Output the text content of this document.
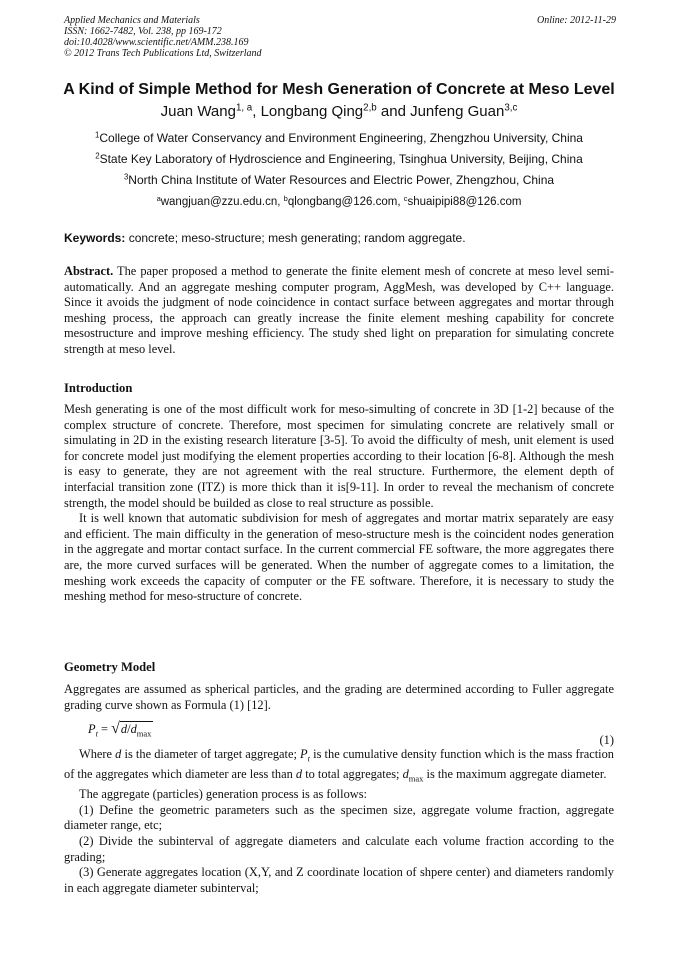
Applied Mechanics and Materials
ISSN: 1662-7482, Vol. 238, pp 169-172
doi:10.4028/www.scientific.net/AMM.238.169
© 2012 Trans Tech Publications Ltd, Switzerland
Online: 2012-11-29
A Kind of Simple Method for Mesh Generation of Concrete at Meso Level
Juan Wang$^{1, a}$, Longbang Qing$^{2,b}$ and Junfeng Guan$^{3,c}$
$^1$College of Water Conservancy and Environment Engineering, Zhengzhou University, China
$^2$State Key Laboratory of Hydroscience and Engineering, Tsinghua University, Beijing, China
$^3$North China Institute of Water Resources and Electric Power, Zhengzhou, China
$^a$wangjuan@zzu.edu.cn, $^b$qlongbang@126.com, $^c$shuaipipi88@126.com
Keywords: concrete; meso-structure; mesh generating; random aggregate.

Abstract. The paper proposed a method to generate the finite element mesh of concrete at meso level semi-automatically. And an aggregate meshing computer program, AggMesh, was developed by C++ language. Since it avoids the judgment of node coincidence in contact surface between aggregates and mortar through meshing process, the approach can greatly increase the finite element meshing capability for concrete mesostructure and improve meshing efficiency. The study shed light on preparation for simulating concrete strength at meso level.

Introduction

Mesh generating is one of the most difficult work for meso-simulting of concrete in 3D [1-2] because of the complex structure of concrete. Therefore, most specimen for simulating concrete are relatively small or simulating in 2D in the existing research literature [3-5]. To avoid the difficulty of mesh, unit element is used for concrete model just modifying the element properties according to their location [6-8]. Although the mesh is easy to generate, they are not agreement with the real structure. Furthermore, the element depth of interfacial transition zone (ITZ) is more thick than it is[9-11]. In order to reveal the mechanism of concrete strength, the model should be builded as close to real structure as possible.

It is well known that automatic subdivision for mesh of aggregates and mortar matrix separately are easy and efficient. The main difficulty in the generation of meso-structure mesh is the coincident nodes generation in the aggregate and mortar contact surface. In the current commercial FE software, the more aggregates there are, the more curved surfaces will be generated. When the number of aggregate comes to a limitation, the meshing work exceeds the capacity of computer or the FE software. Therefore, it is necessary to study the meshing method for meso-structure of concrete.

Geometry Model

Aggregates are assumed as spherical particles, and the grading are determined according to Fuller aggregate grading curve shown as Formula (1) [12].

$P_t = √d/d_{max}$	(1)

Where d is the diameter of target aggregate; $P_t$ is the cumulative density function which is the mass fraction of the aggregates which diameter are less than d to total aggregates; $d_{max}$ is the maximum aggregate diameter.

The aggregate (particles) generation process is as follows:

(1) Define the geometric parameters such as the specimen size, aggregate volume fraction, aggregate diameter range, etc;

(2) Divide the subinterval of aggregate diameters and calculate each volume fraction according to the grading;

(3) Generate aggregates location (X,Y, and Z coordinate location of shpere center) and diameters randomly in each aggregate diameter subinterval;
